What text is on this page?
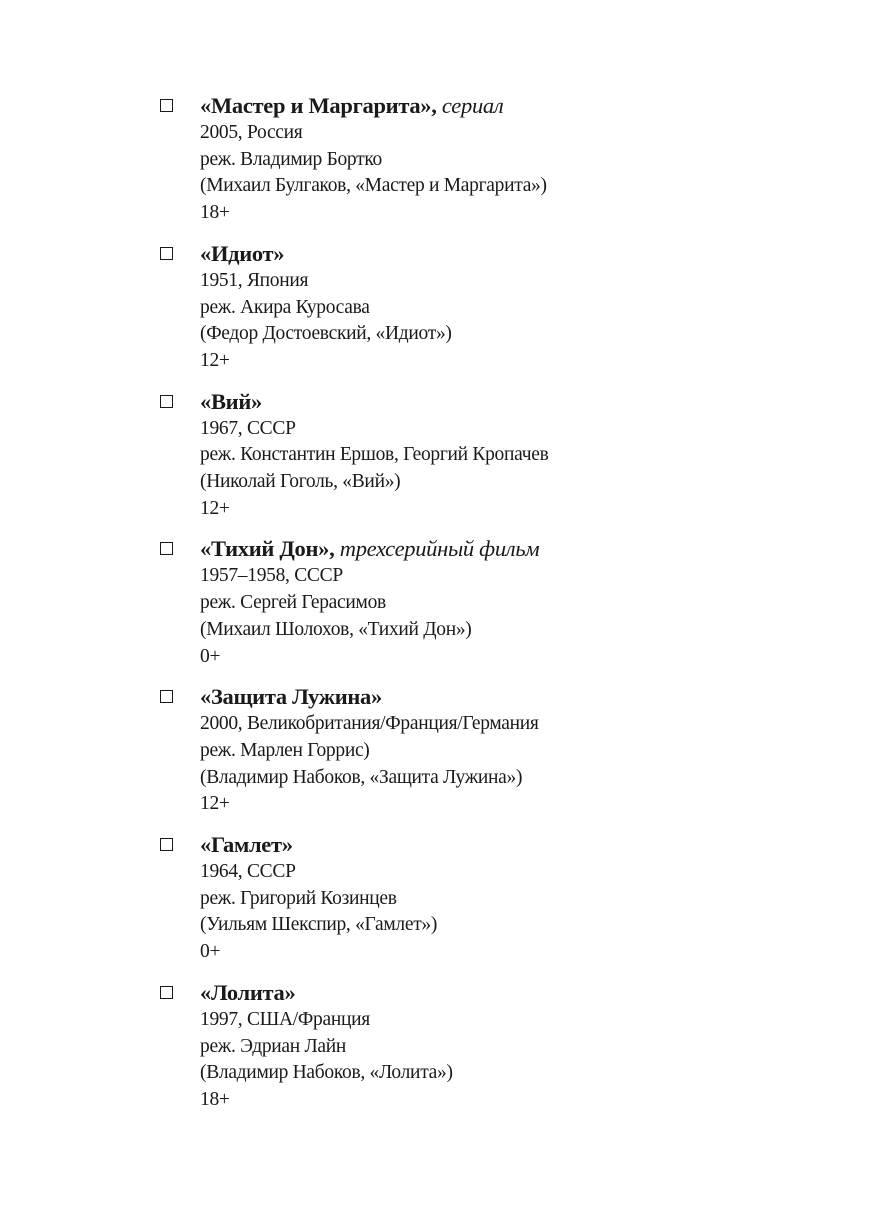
«Мастер и Маргарита», сериал
2005, Россия
реж. Владимир Бортко
(Михаил Булгаков, «Мастер и Маргарита»)
18+
«Идиот»
1951, Япония
реж. Акира Куросава
(Федор Достоевский, «Идиот»)
12+
«Вий»
1967, СССР
реж. Константин Ершов, Георгий Кропачев
(Николай Гоголь, «Вий»)
12+
«Тихий Дон», трехсерийный фильм
1957–1958, СССР
реж. Сергей Герасимов
(Михаил Шолохов, «Тихий Дон»)
0+
«Защита Лужина»
2000, Великобритания/Франция/Германия
реж. Марлен Горрис)
(Владимир Набоков, «Защита Лужина»)
12+
«Гамлет»
1964, СССР
реж. Григорий Козинцев
(Уильям Шекспир, «Гамлет»)
0+
«Лолита»
1997, США/Франция
реж. Эдриан Лайн
(Владимир Набоков, «Лолита»)
18+
